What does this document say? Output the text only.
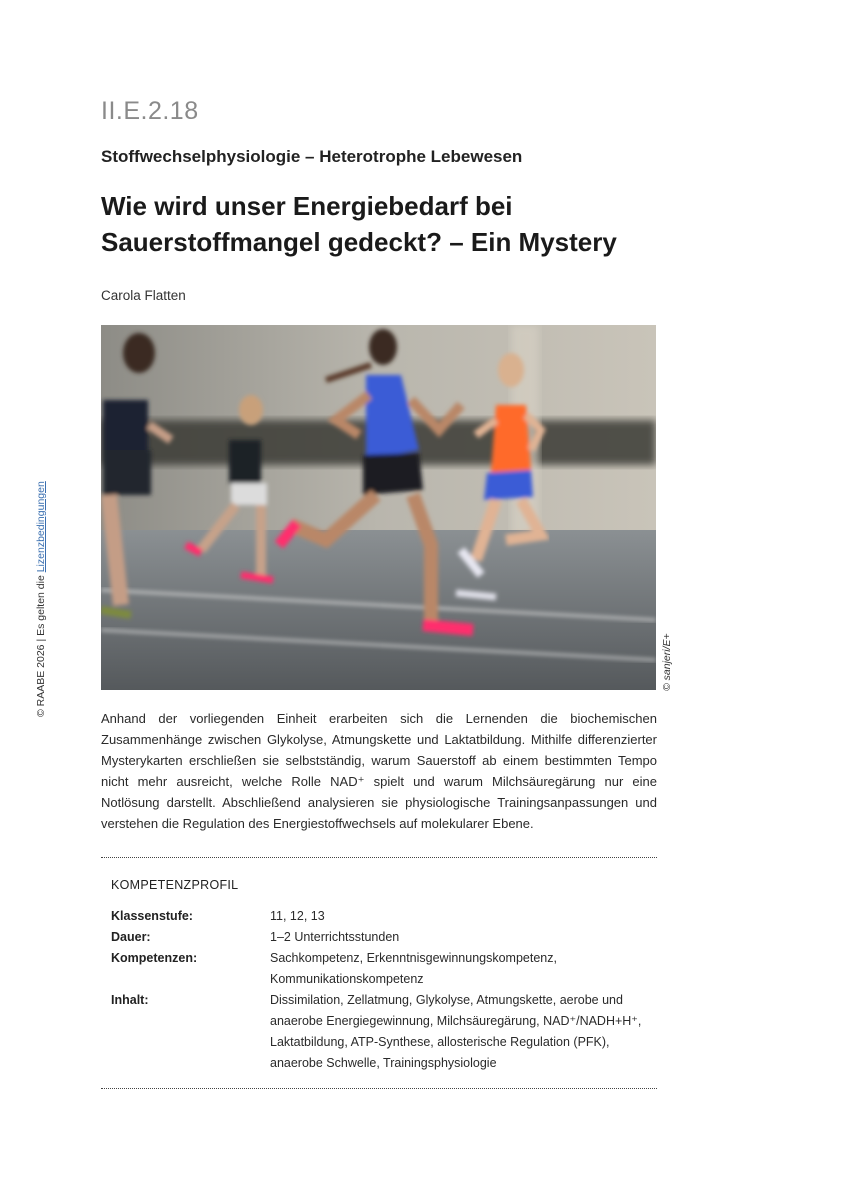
© RAABE 2026 | Es gelten die Lizenzbedingungen
II.E.2.18
Stoffwechselphysiologie – Heterotrophe Lebewesen
Wie wird unser Energiebedarf bei
Sauerstoffmangel gedeckt? – Ein Mystery
Carola Flatten
© sanjeri/E+

Anhand der vorliegenden Einheit erarbeiten sich die Lernenden die biochemischen Zusammenhänge zwischen Glykolyse, Atmungskette und Laktatbildung. Mithilfe differenzierter Mysterykarten erschließen sie selbstständig, warum Sauerstoff ab einem bestimmten Tempo nicht mehr ausreicht, welche Rolle NAD⁺ spielt und warum Milchsäuregärung nur eine Notlösung darstellt. Abschließend analysieren sie physiologische Trainingsanpassungen und verstehen die Regulation des Energiestoffwechsels auf molekularer Ebene.

KOMPETENZPROFIL
Klassenstufe:	11, 12, 13
Dauer:	1–2 Unterrichtsstunden
Kompetenzen:	Sachkompetenz, Erkenntnisgewinnungskompetenz,
Kommunikationskompetenz
Inhalt:	Dissimilation, Zellatmung, Glykolyse, Atmungskette, aerobe und
anaerobe Energiegewinnung, Milchsäuregärung, NAD⁺/NADH+H⁺,
Laktatbildung, ATP-Synthese, allosterische Regulation (PFK),
anaerobe Schwelle, Trainingsphysiologie
